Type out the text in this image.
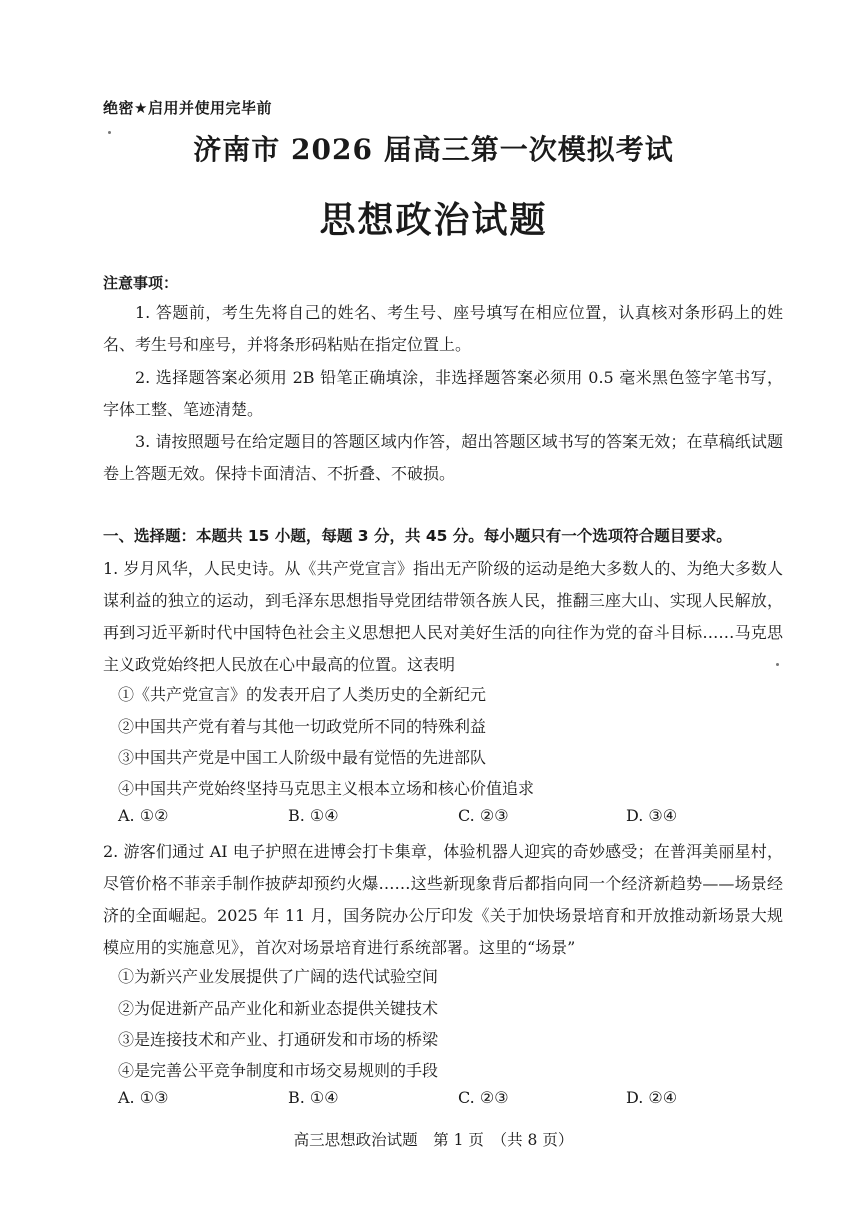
绝密★启用并使用完毕前
济南市 2026 届高三第一次模拟考试
思想政治试题
注意事项：
1. 答题前，考生先将自己的姓名、考生号、座号填写在相应位置，认真核对条形码上的姓名、考生号和座号，并将条形码粘贴在指定位置上。
2. 选择题答案必须用 2B 铅笔正确填涂，非选择题答案必须用 0.5 毫米黑色签字笔书写，字体工整、笔迹清楚。
3. 请按照题号在给定题目的答题区域内作答，超出答题区域书写的答案无效；在草稿纸试题卷上答题无效。保持卡面清洁、不折叠、不破损。
一、选择题：本题共 15 小题，每题 3 分，共 45 分。每小题只有一个选项符合题目要求。
1. 岁月风华，人民史诗。从《共产党宣言》指出无产阶级的运动是绝大多数人的、为绝大多数人谋利益的独立的运动，到毛泽东思想指导党团结带领各族人民，推翻三座大山、实现人民解放，再到习近平新时代中国特色社会主义思想把人民对美好生活的向往作为党的奋斗目标……马克思主义政党始终把人民放在心中最高的位置。这表明
①《共产党宣言》的发表开启了人类历史的全新纪元
②中国共产党有着与其他一切政党所不同的特殊利益
③中国共产党是中国工人阶级中最有觉悟的先进部队
④中国共产党始终坚持马克思主义根本立场和核心价值追求
A. ①②	B. ①④	C. ②③	D. ③④
2. 游客们通过 AI 电子护照在进博会打卡集章，体验机器人迎宾的奇妙感受；在普洱美丽星村，尽管价格不菲亲手制作披萨却预约火爆……这些新现象背后都指向同一个经济新趋势——场景经济的全面崛起。2025 年 11 月，国务院办公厅印发《关于加快场景培育和开放推动新场景大规模应用的实施意见》，首次对场景培育进行系统部署。这里的“场景”
①为新兴产业发展提供了广阔的迭代试验空间
②为促进新产品产业化和新业态提供关键技术
③是连接技术和产业、打通研发和市场的桥梁
④是完善公平竞争制度和市场交易规则的手段
A. ①③	B. ①④	C. ②③	D. ②④
高三思想政治试题　第 1 页　（共 8 页）
